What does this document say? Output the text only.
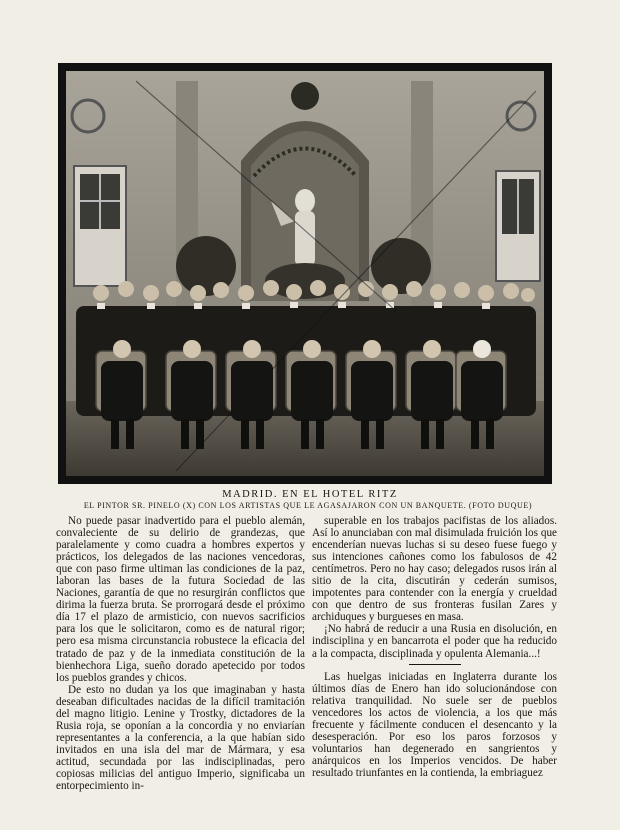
MADRID. EN EL HOTEL RITZ
EL PINTOR SR. PINELO (X) CON LOS ARTISTAS QUE LE AGASAJARON CON UN BANQUETE. (FOTO DUQUE)

No puede pasar inadvertido para el pueblo alemán, convaleciente de su delirio de grandezas, que paralelamente y como cuadra a hombres expertos y prácticos, los delegados de las naciones vencedoras, que con paso firme ultiman las condiciones de la paz, laboran las bases de la futura Sociedad de las Naciones, garantía de que no resurgirán conflictos que dirima la fuerza bruta. Se prorrogará desde el próximo día 17 el plazo de armisticio, con nuevos sacrificios para los que le solicitaron, como es de natural rigor; pero esa misma circunstancia robustece la eficacia del tratado de paz y de la inmediata constitución de la bienhechora Liga, sueño dorado apetecido por todos los pueblos grandes y chicos.

De esto no dudan ya los que imaginaban y hasta deseaban dificultades nacidas de la difícil tramitación del magno litigio. Lenine y Trostky, dictadores de la Rusia roja, se oponían a la concordia y no enviarían representantes a la conferencia, a la que habían sido invitados en una isla del mar de Mármara, y esa actitud, secundada por las indisciplinadas, pero copiosas milicias del antiguo Imperio, significaba un entorpecimiento in-

superable en los trabajos pacifistas de los aliados. Así lo anunciaban con mal disimulada fruición los que encenderían nuevas luchas si su deseo fuese fuego y sus intenciones cañones como los fabulosos de 42 centímetros. Pero no hay caso; delegados rusos irán al sitio de la cita, discutirán y cederán sumisos, impotentes para contender con la energía y crueldad con que dentro de sus fronteras fusilan Zares y archiduques y burgueses en masa.

¡No habrá de reducir a una Rusia en disolución, en indisciplina y en bancarrota el poder que ha reducido a la compacta, disciplinada y opulenta Alemania...!

Las huelgas iniciadas en Inglaterra durante los últimos días de Enero han ido solucionándose con relativa tranquilidad. No suele ser de pueblos vencedores los actos de violencia, a los que más frecuente y fácilmente conducen el desencanto y la desesperación. Por eso los paros forzosos y voluntarios han degenerado en sangrientos y anárquicos en los Imperios vencidos. De haber resultado triunfantes en la contienda, la embriaguez
